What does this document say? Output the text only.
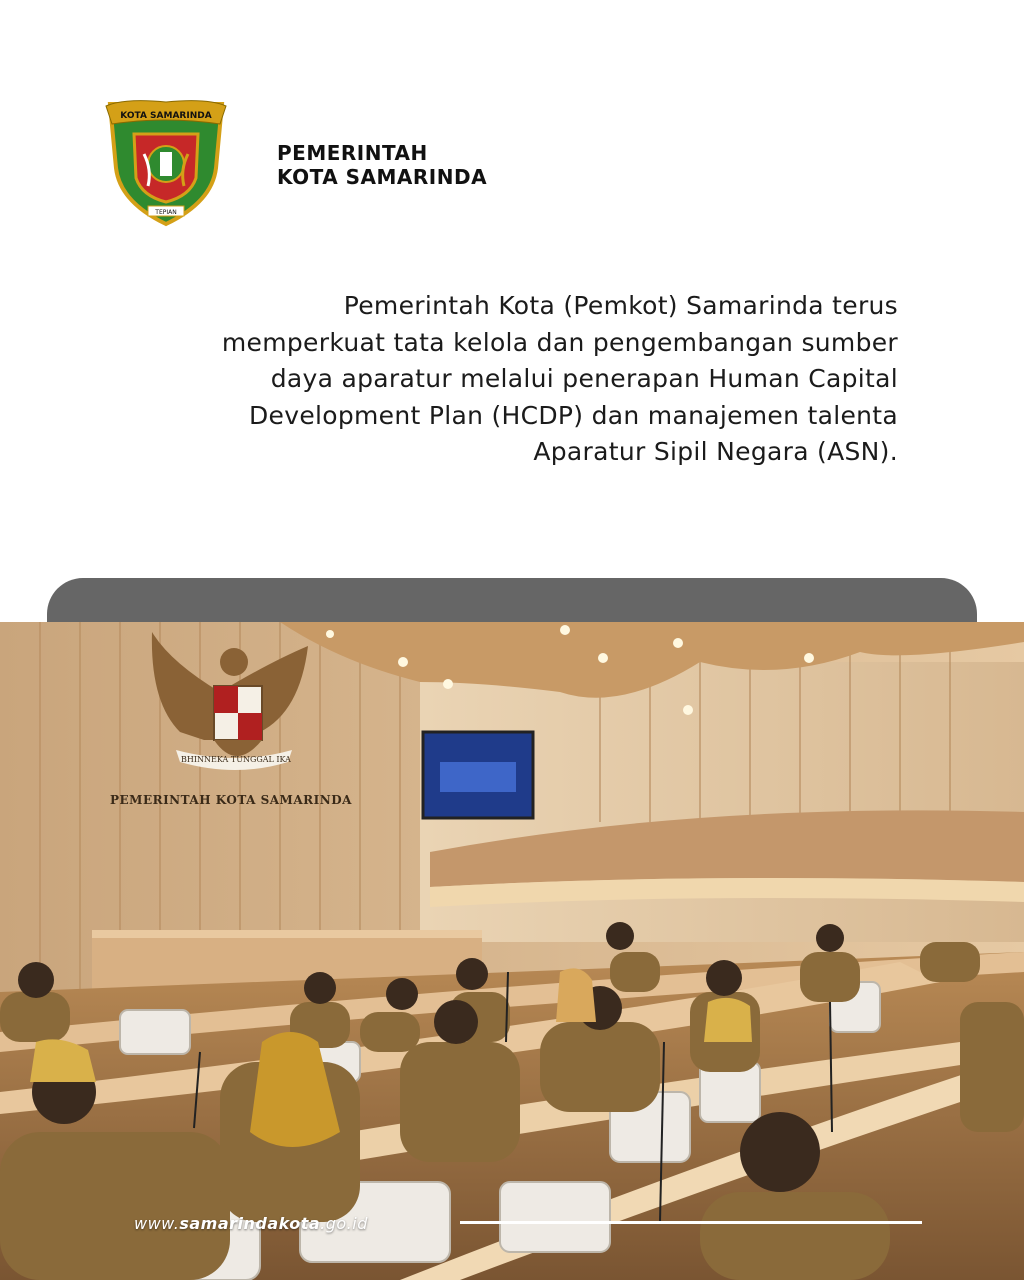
KOTA SAMARINDA
TEPIAN
PEMERINTAH
KOTA SAMARINDA
Pemerintah Kota (Pemkot) Samarinda terus
memperkuat tata kelola dan pengembangan sumber
daya aparatur melalui penerapan Human Capital
Development Plan (HCDP) dan manajemen talenta
Aparatur Sipil Negara (ASN).
BHINNEKA TUNGGAL IKA
PEMERINTAH KOTA SAMARINDA
www.samarindakota.go.id
